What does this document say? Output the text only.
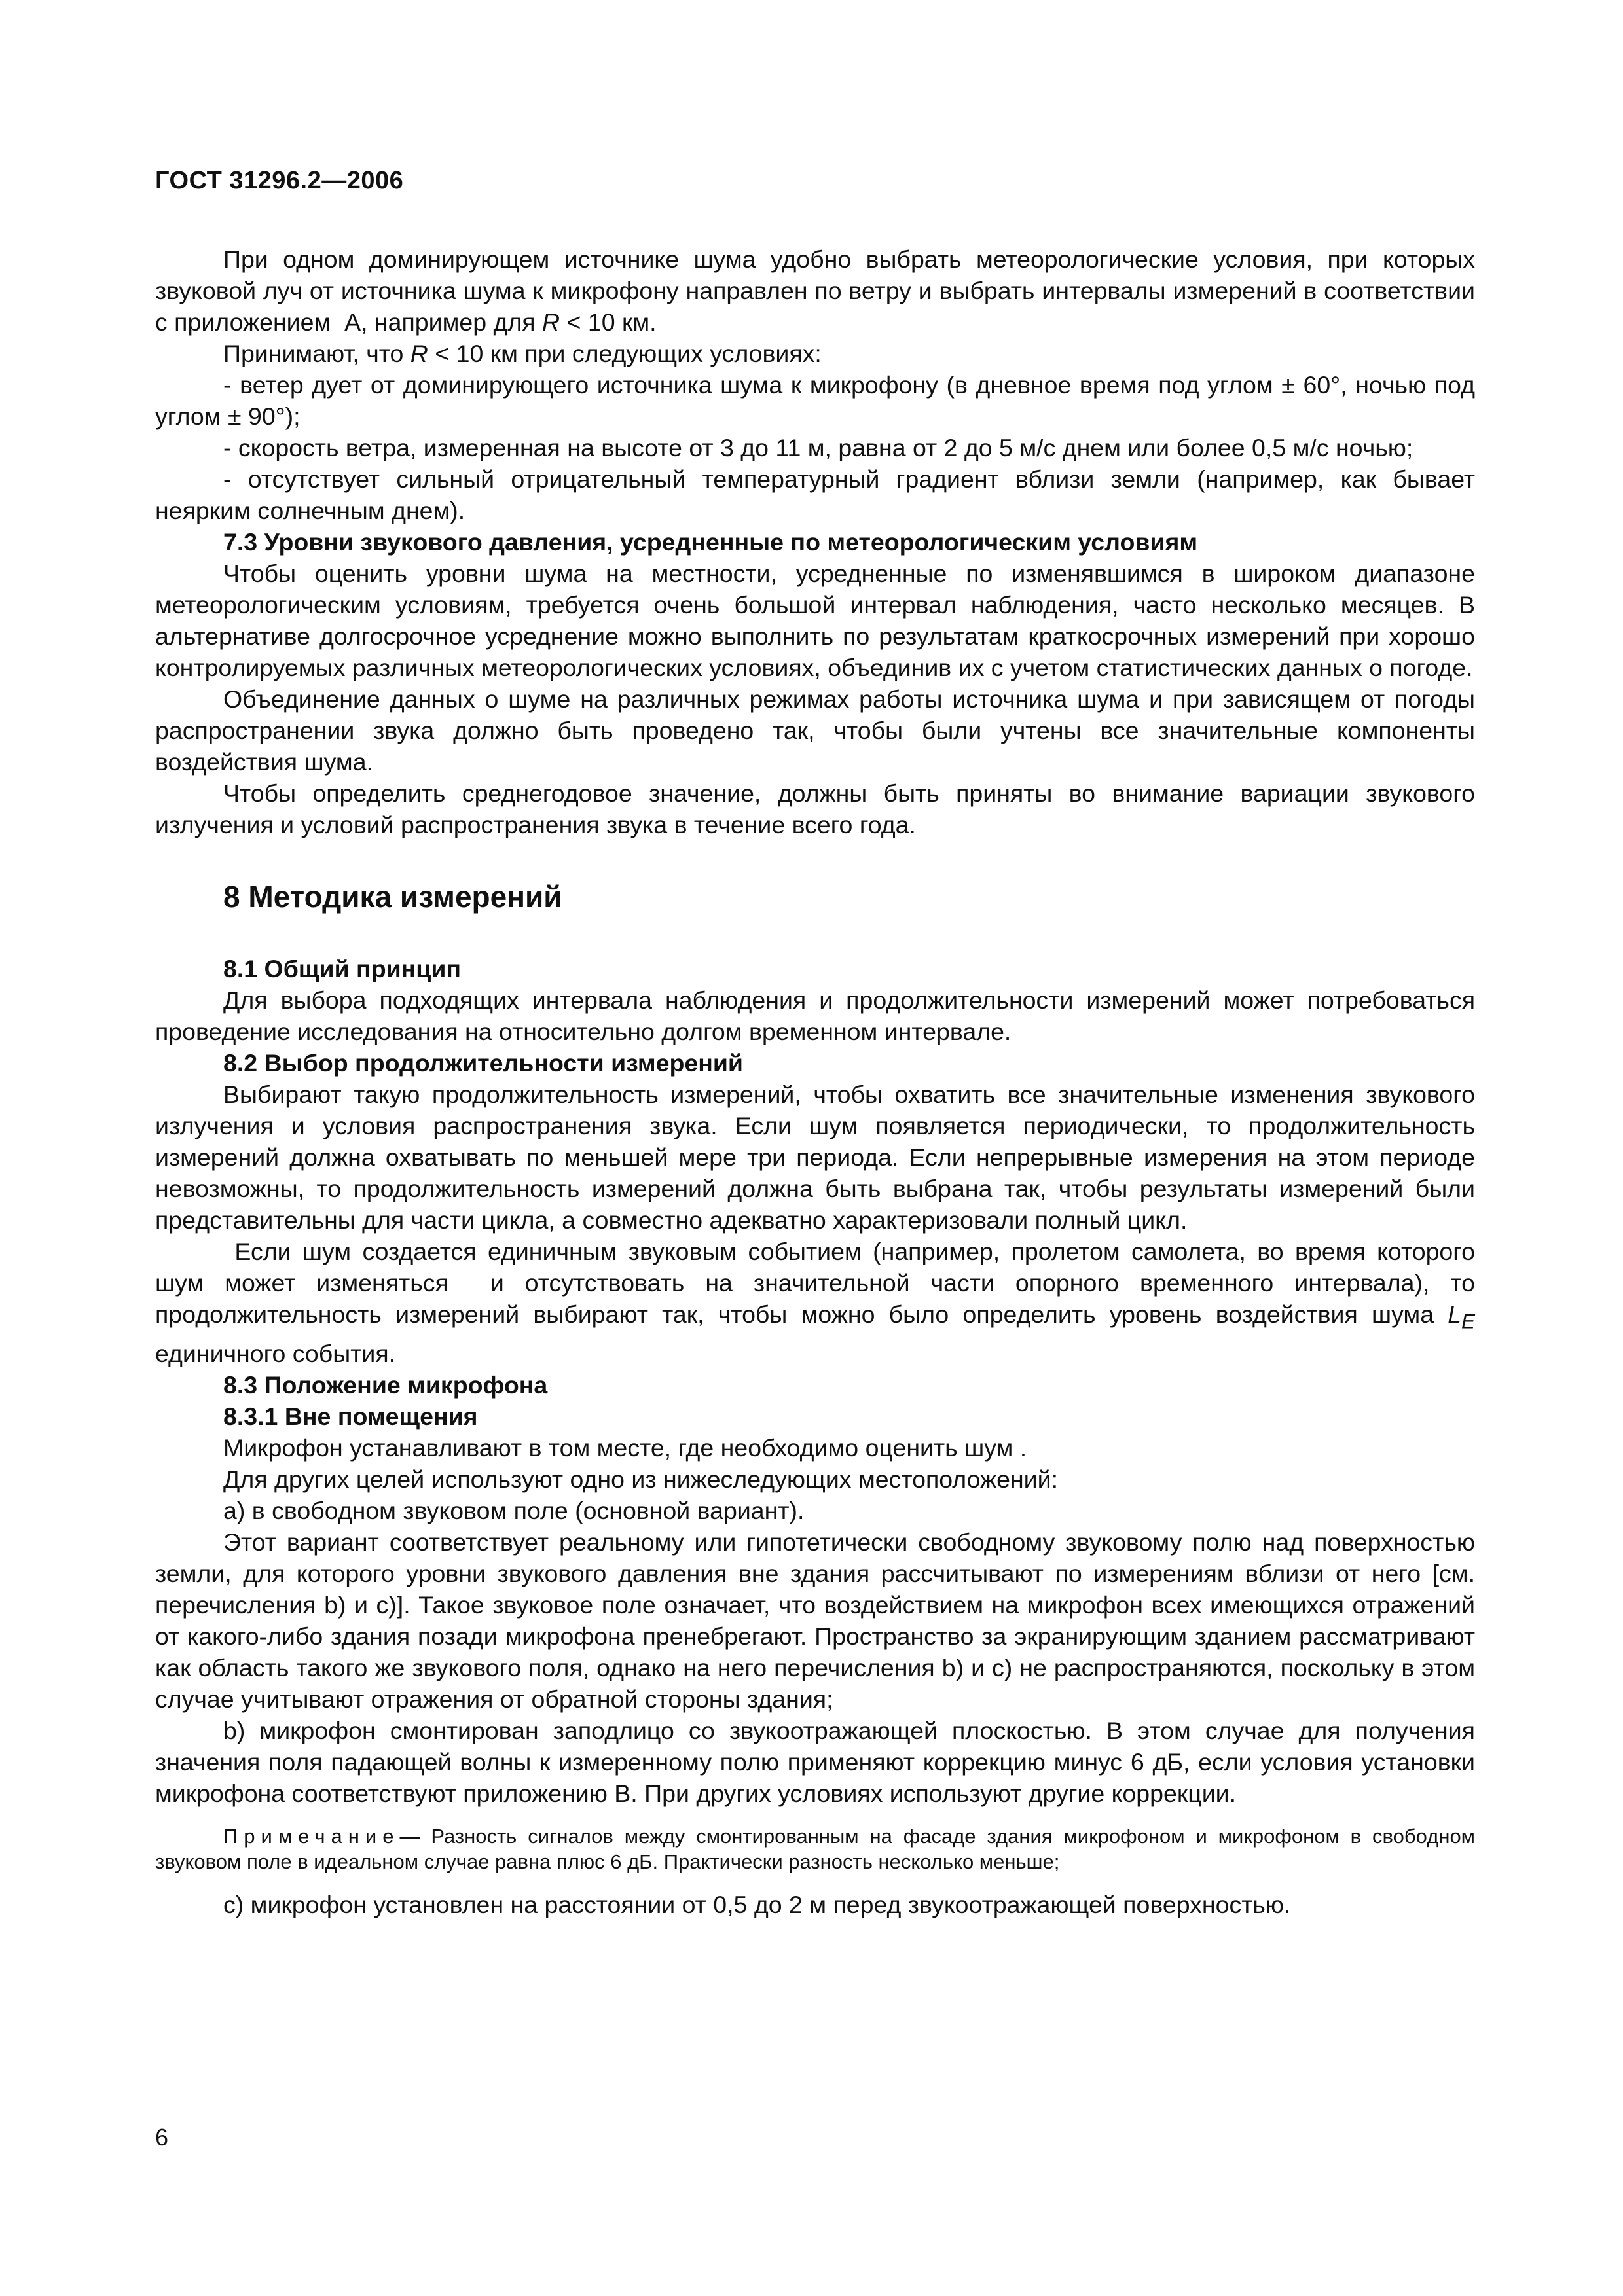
ГОСТ 31296.2—2006

При одном доминирующем источнике шума удобно выбрать метеорологические условия, при которых звуковой луч от источника шума к микрофону направлен по ветру и выбрать интервалы измерений в соответствии с приложением  А, например для R < 10 км.

Принимают, что R < 10 км при следующих условиях:

- ветер дует от доминирующего источника шума к микрофону (в дневное время под углом ± 60°, ночью под углом ± 90°);

- скорость ветра, измеренная на высоте от 3 до 11 м, равна от 2 до 5 м/с днем или более 0,5 м/с ночью;

- отсутствует сильный отрицательный температурный градиент вблизи земли (например, как бывает неярким солнечным днем).

7.3 Уровни звукового давления, усредненные по метеорологическим условиям

Чтобы оценить уровни шума на местности, усредненные по изменявшимся в широком диапазоне метеорологическим условиям, требуется очень большой интервал наблюдения, часто несколько месяцев. В альтернативе долгосрочное усреднение можно выполнить по результатам краткосрочных измерений при хорошо контролируемых различных метеорологических условиях, объединив их с учетом статистических данных о погоде.

Объединение данных о шуме на различных режимах работы источника шума и при зависящем от погоды распространении звука должно быть проведено так, чтобы были учтены все значительные компоненты воздействия шума.

Чтобы определить среднегодовое значение, должны быть приняты во внимание вариации звукового излучения и условий распространения звука в течение всего года.

8 Методика измерений

8.1 Общий принцип

Для выбора подходящих интервала наблюдения и продолжительности измерений может потребоваться проведение исследования на относительно долгом временном интервале.

8.2 Выбор продолжительности измерений

Выбирают такую продолжительность измерений, чтобы охватить все значительные изменения звукового излучения и условия распространения звука. Если шум появляется периодически, то продолжительность измерений должна охватывать по меньшей мере три периода. Если непрерывные измерения на этом периоде невозможны, то продолжительность измерений должна быть выбрана так, чтобы результаты измерений были представительны для части цикла, а совместно адекватно характеризовали полный цикл.

Если шум создается единичным звуковым событием (например, пролетом самолета, во время которого шум может изменяться  и отсутствовать на значительной части опорного временного интервала), то продолжительность измерений выбирают так, чтобы можно было определить уровень воздействия шума $L_E$ единичного события.

8.3 Положение микрофона

8.3.1 Вне помещения

Микрофон устанавливают в том месте, где необходимо оценить шум .

Для других целей используют одно из нижеследующих местоположений:

а) в свободном звуковом поле (основной вариант).

Этот вариант соответствует реальному или гипотетически свободному звуковому полю над поверхностью земли, для которого уровни звукового давления вне здания рассчитывают по измерениям вблизи от него [см. перечисления b) и с)]. Такое звуковое поле означает, что воздействием на микрофон всех имеющихся отражений от какого-либо здания позади микрофона пренебрегают. Пространство за экранирующим зданием рассматривают как область такого же звукового поля, однако на него перечисления b) и с) не распространяются, поскольку в этом случае учитывают отражения от обратной стороны здания;

b) микрофон смонтирован заподлицо со звукоотражающей плоскостью. В этом случае для получения значения поля падающей волны к измеренному полю применяют коррекцию минус 6 дБ, если условия установки микрофона соответствуют приложению В. При других условиях используют другие коррекции.

Примечание— Разность сигналов между смонтированным на фасаде здания микрофоном и микрофоном в свободном звуковом поле в идеальном случае равна плюс 6 дБ. Практически разность несколько меньше;

с) микрофон установлен на расстоянии от 0,5 до 2 м перед звукоотражающей поверхностью.

6
